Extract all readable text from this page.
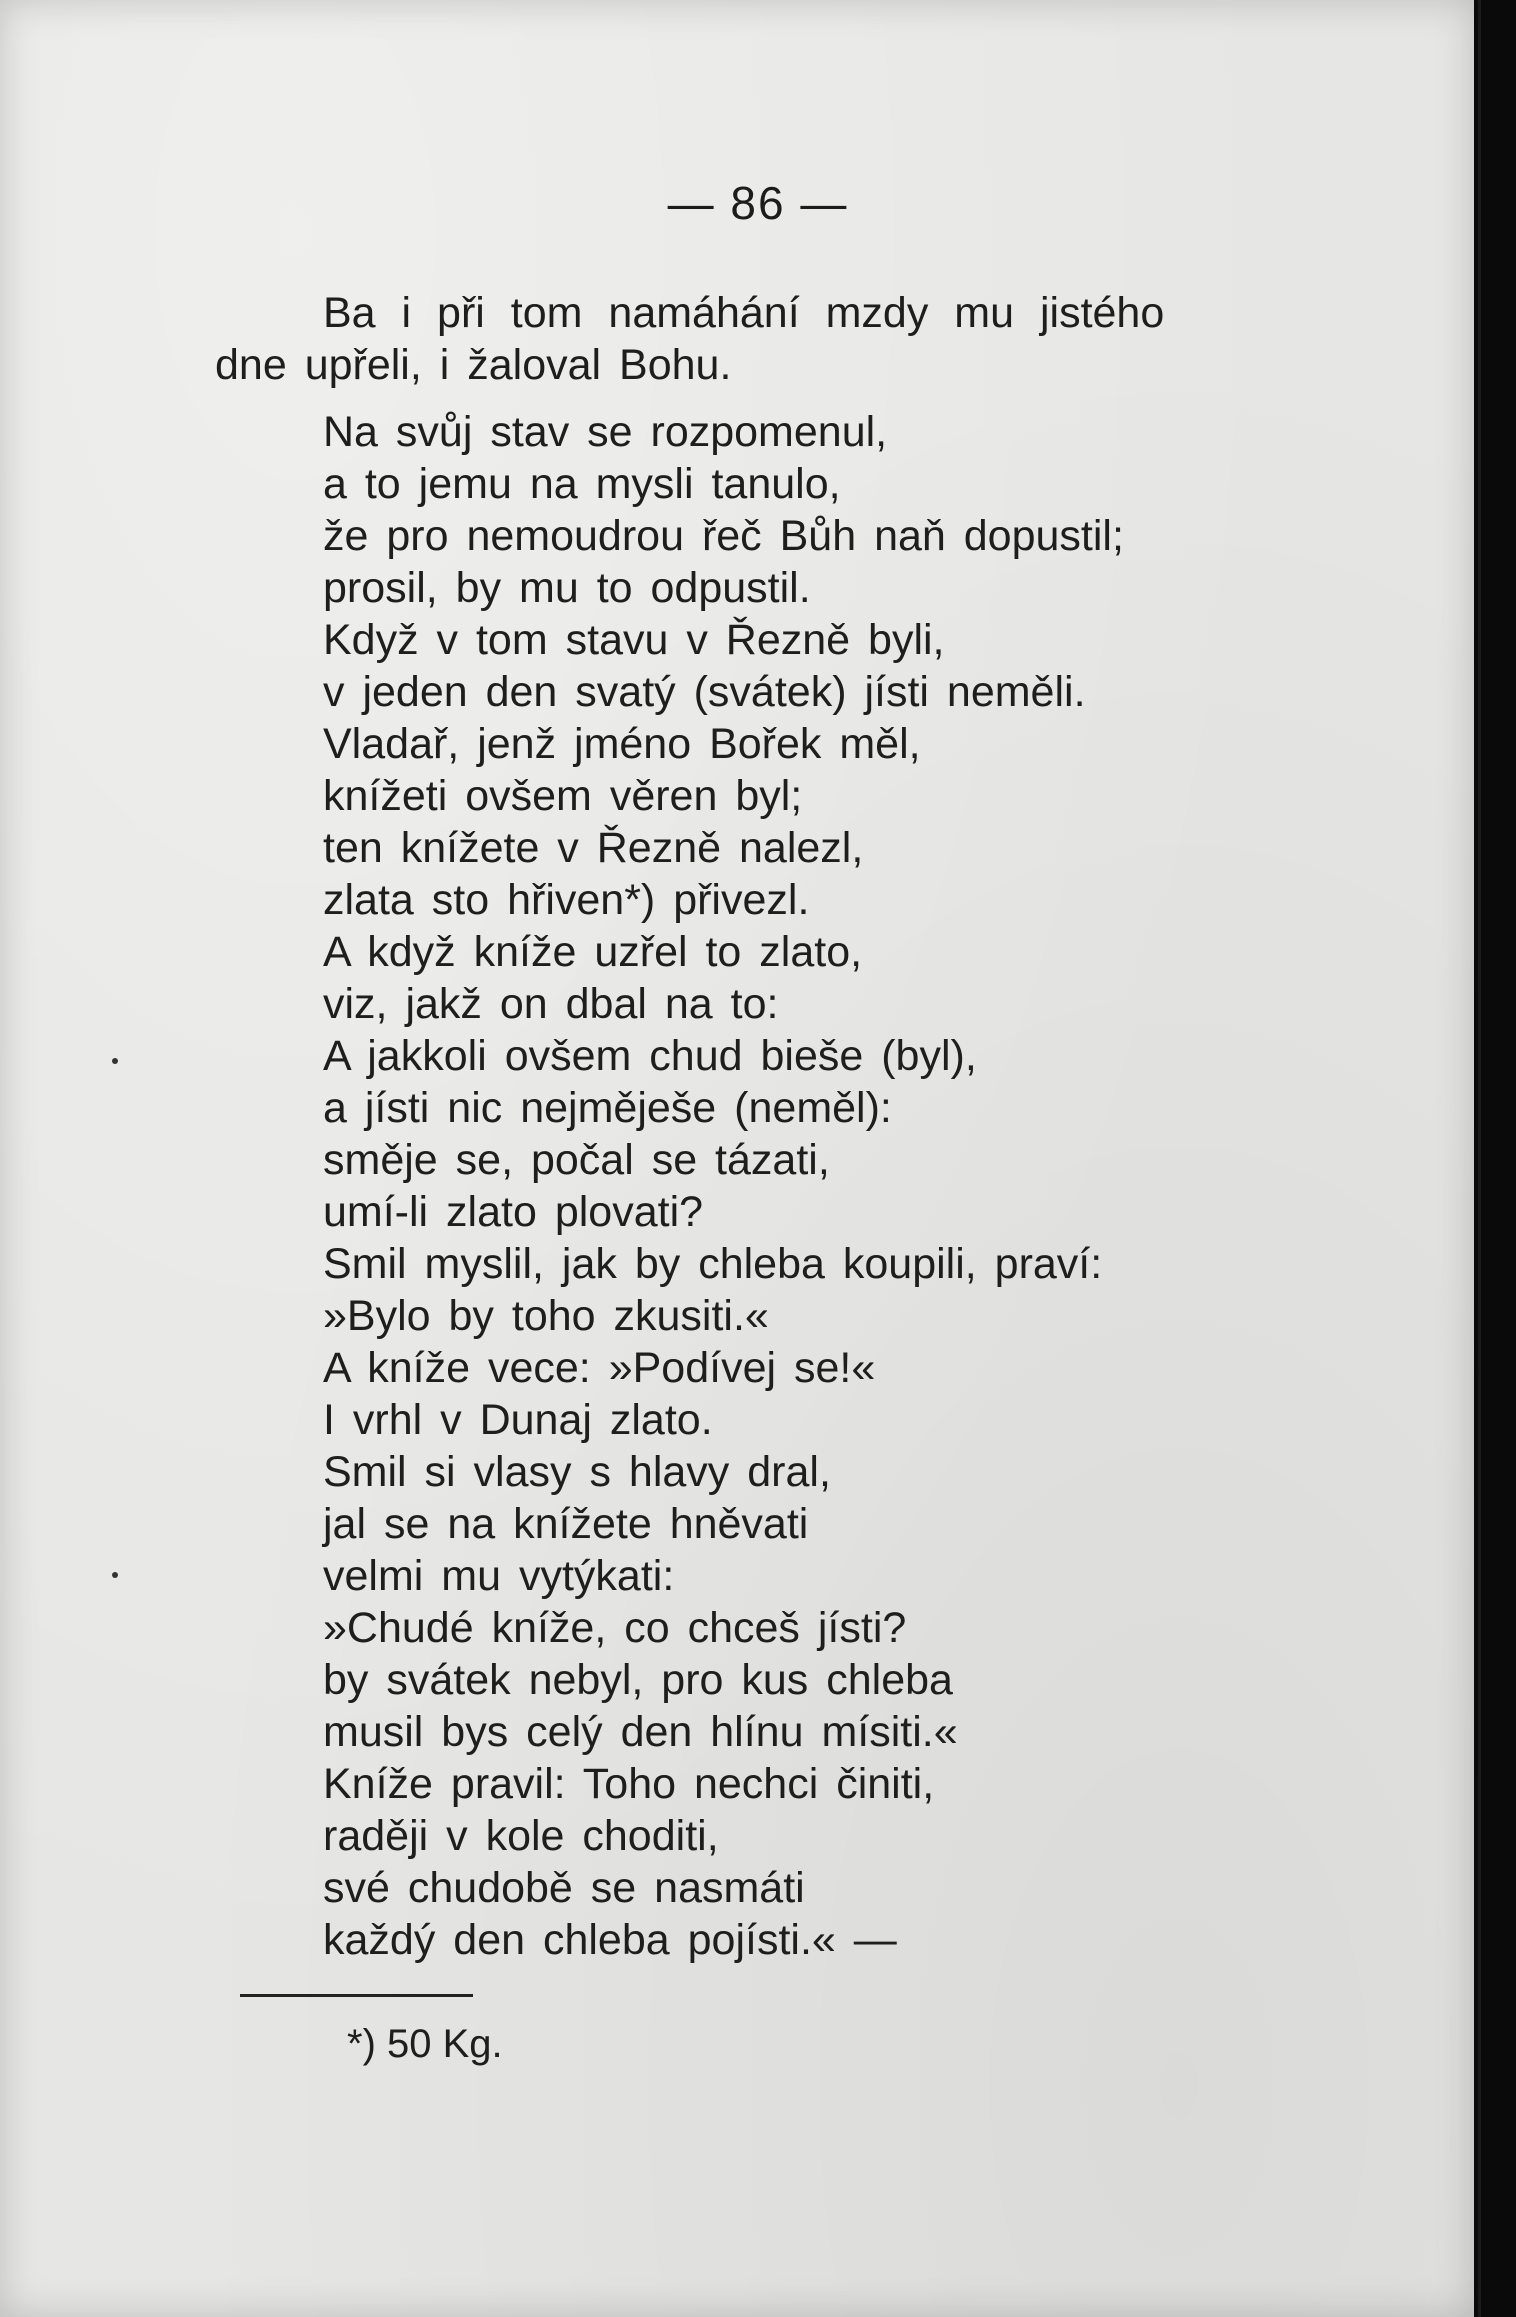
— 86 —
Ba i při tom namáhání mzdy mu jistého
dne upřeli, i žaloval Bohu.
Na svůj stav se rozpomenul,
a to jemu na mysli tanulo,
že pro nemoudrou řeč Bůh naň dopustil;
prosil, by mu to odpustil.
Když v tom stavu v Řezně byli,
v jeden den svatý (svátek) jísti neměli.
Vladař, jenž jméno Bořek měl,
knížeti ovšem věren byl;
ten knížete v Řezně nalezl,
zlata sto hřiven*) přivezl.
A když kníže uzřel to zlato,
viz, jakž on dbal na to:
A jakkoli ovšem chud bieše (byl),
a jísti nic nejměješe (neměl):
směje se, počal se tázati,
umí-li zlato plovati?
Smil myslil, jak by chleba koupili, praví:
»Bylo by toho zkusiti.«
A kníže vece: »Podívej se!«
I vrhl v Dunaj zlato.
Smil si vlasy s hlavy dral,
jal se na knížete hněvati
velmi mu vytýkati:
»Chudé kníže, co chceš jísti?
by svátek nebyl, pro kus chleba
musil bys celý den hlínu mísiti.«
Kníže pravil: Toho nechci činiti,
raději v kole choditi,
své chudobě se nasmáti
každý den chleba pojísti.« —
*) 50 Kg.
